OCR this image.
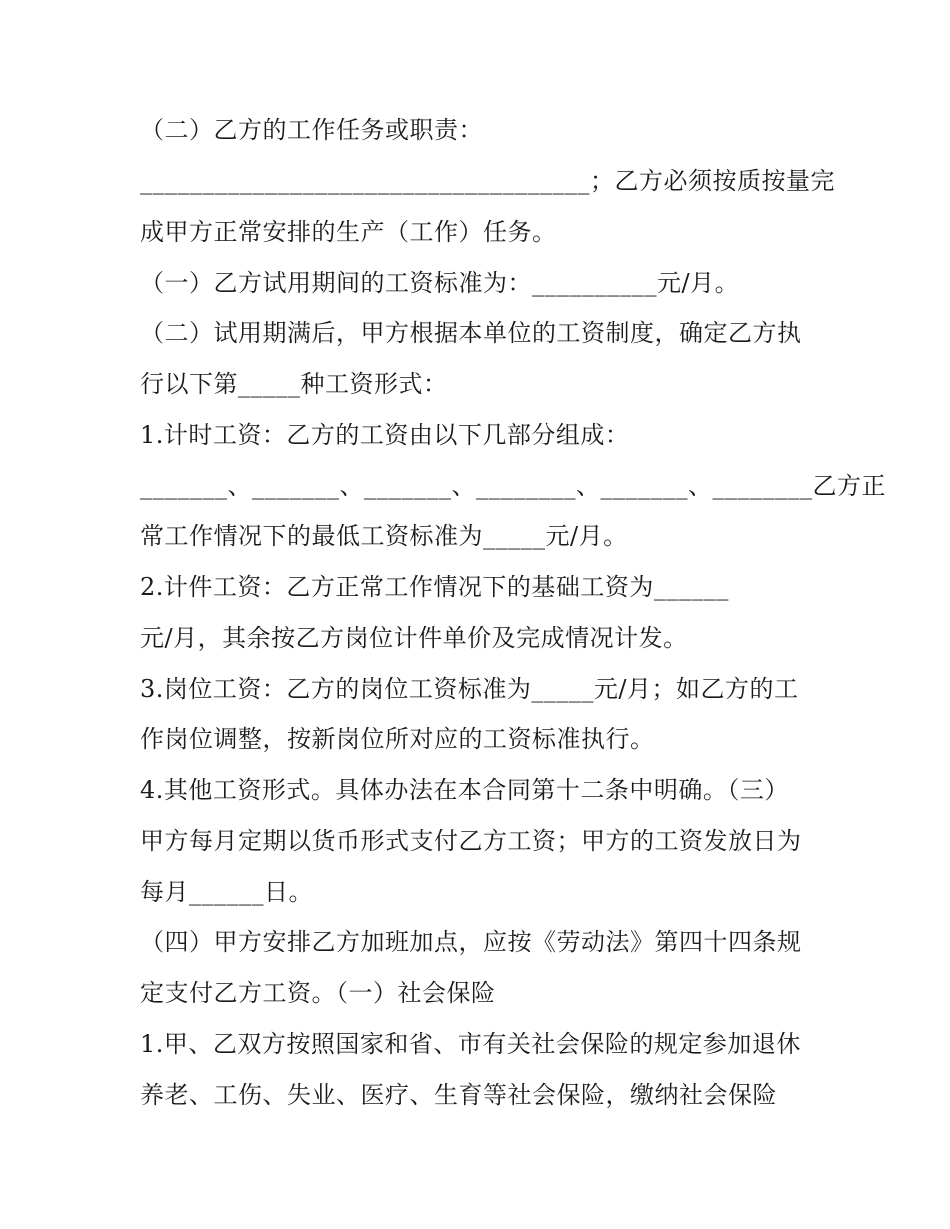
（二）乙方的工作任务或职责：
____________________________________；乙方必须按质按量完
成甲方正常安排的生产（工作）任务。
（一）乙方试用期间的工资标准为：__________元/月。
（二）试用期满后，甲方根据本单位的工资制度，确定乙方执
行以下第_____种工资形式：
1.计时工资：乙方的工资由以下几部分组成：
_______、_______、_______、________、_______、________乙方正
常工作情况下的最低工资标准为_____元/月。
2.计件工资：乙方正常工作情况下的基础工资为______
元/月，其余按乙方岗位计件单价及完成情况计发。
3.岗位工资：乙方的岗位工资标准为_____元/月；如乙方的工
作岗位调整，按新岗位所对应的工资标准执行。
4.其他工资形式。具体办法在本合同第十二条中明确。（三）
甲方每月定期以货币形式支付乙方工资；甲方的工资发放日为
每月______日。
（四）甲方安排乙方加班加点，应按《劳动法》第四十四条规
定支付乙方工资。（一）社会保险
1.甲、乙双方按照国家和省、市有关社会保险的规定参加退休
养老、工伤、失业、医疗、生育等社会保险，缴纳社会保险
